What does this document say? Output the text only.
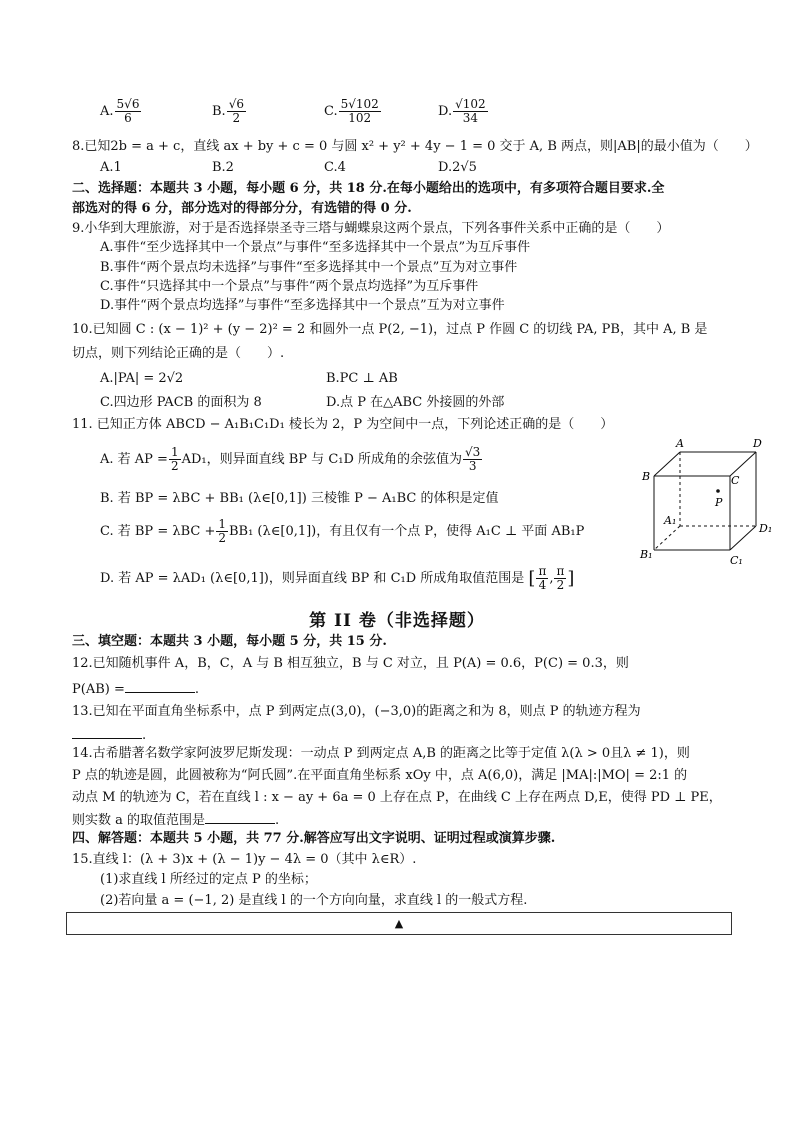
A. $\frac{5√6}{6}$	B. $\frac{√6}{2}$	C. $\frac{5√102}{102}$	D. $\frac{√102}{34}$
8.已知2b = a + c，直线 ax + by + c = 0 与圆 x² + y² + 4y − 1 = 0 交于 A, B 两点，则|AB|的最小值为（　　）
A.1	B.2	C.4	D.2√5
二、选择题：本题共 3 小题，每小题 6 分，共 18 分.在每小题给出的选项中，有多项符合题目要求.全
部选对的得 6 分，部分选对的得部分分，有选错的得 0 分.
9.小华到大理旅游，对于是否选择崇圣寺三塔与蝴蝶泉这两个景点，下列各事件关系中正确的是（　　）
A.事件“至少选择其中一个景点”与事件“至多选择其中一个景点”为互斥事件
B.事件“两个景点均未选择”与事件“至多选择其中一个景点”互为对立事件
C.事件“只选择其中一个景点”与事件“两个景点均选择”为互斥事件
D.事件“两个景点均选择”与事件“至多选择其中一个景点”互为对立事件
10.已知圆 C : (x − 1)² + (y − 2)² = 2 和圆外一点 P(2, −1)，过点 P 作圆 C 的切线 PA, PB，其中 A, B 是
切点，则下列结论正确的是（　　）.
A.|PA| = 2√2	B.PC ⊥ AB
C.四边形 PACB 的面积为 8	D.点 P 在△ABC 外接圆的外部
11. 已知正方体 ABCD − A₁B₁C₁D₁ 棱长为 2，P 为空间中一点，下列论述正确的是（　　）
A. 若 AP = $\frac{1}{2} AD_1$，则异面直线 BP 与 C₁D 所成角的余弦值为 $\frac{√3}{3}$
B. 若 BP = λBC + BB₁ (λ∈[0,1]) 三棱锥 P − A₁BC 的体积是定值
C. 若 BP = $\lambda BC + \frac{1}{2} BB_1$ (λ∈[0,1])，有且仅有一个点 P，使得 A₁C ⊥ 平面 AB₁P
D. 若 AP = λAD₁ (λ∈[0,1])，则异面直线 BP 和 C₁D 所成角取值范围是 [ $\frac{\pi}{4}$ , $\frac{\pi}{2}$ ]
A	D
B	C
P
A₁
D₁
B₁	C₁
第 II 卷（非选择题）
三、填空题：本题共 3 小题，每小题 5 分，共 15 分.
12.已知随机事件 A，B，C，A 与 B 相互独立，B 与 C 对立，且 P(A) = 0.6，P(C) = 0.3，则
P(AB) =	.
13.已知在平面直角坐标系中，点 P 到两定点(3,0)，(−3,0)的距离之和为 8，则点 P 的轨迹方程为
.
14.古希腊著名数学家阿波罗尼斯发现：一动点 P 到两定点 A,B 的距离之比等于定值 λ(λ > 0且λ ≠ 1)，则
P 点的轨迹是圆，此圆被称为“阿氏圆”.在平面直角坐标系 xOy 中，点 A(6,0)，满足 |MA|:|MO| = 2:1 的
动点 M 的轨迹为 C，若在直线 l : x − ay + 6a = 0 上存在点 P，在曲线 C 上存在两点 D,E，使得 PD ⊥ PE，
则实数 a 的取值范围是	.
四、解答题：本题共 5 小题，共 77 分.解答应写出文字说明、证明过程或演算步骤.
15.直线 l：(λ + 3)x + (λ − 1)y − 4λ = 0（其中 λ∈R）.
(1)求直线 l 所经过的定点 P 的坐标；
(2)若向量 a = (−1, 2) 是直线 l 的一个方向向量，求直线 l 的一般式方程.
▲
